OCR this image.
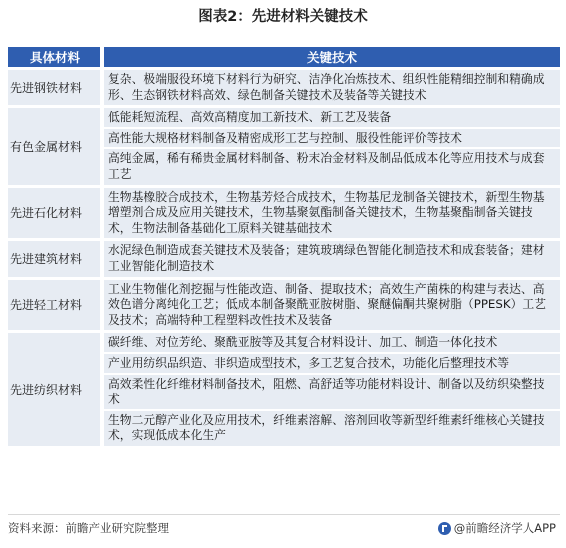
图表2：先进材料关键技术
具体材料	关键技术
先进钢铁材料
复杂、极端服役环境下材料行为研究、洁净化冶炼技术、组织性能精细控制和精确成形、生态钢铁材料高效、绿色制备关键技术及装备等关键技术
有色金属材料
低能耗短流程、高效高精度加工新技术、新工艺及装备
高性能大规格材料制备及精密成形工艺与控制、服役性能评价等技术
高纯金属，稀有稀贵金属材料制备、粉末冶金材料及制品低成本化等应用技术与成套工艺
先进石化材料
生物基橡胶合成技术，生物基芳烃合成技术，生物基尼龙制备关键技术，新型生物基增塑剂合成及应用关键技术，生物基聚氨酯制备关键技术，生物基聚酯制备关键技术，生物法制备基础化工原料关键基础技术
先进建筑材料
水泥绿色制造成套关键技术及装备；建筑玻璃绿色智能化制造技术和成套装备；建材工业智能化制造技术
先进轻工材料
工业生物催化剂挖掘与性能改造、制备、提取技术；高效生产菌株的构建与表达、高效色谱分离纯化工艺；低成本制备聚酰亚胺树脂、聚醚偏酮共聚树脂（PPESK）工艺及技术；高端特种工程塑料改性技术及装备
先进纺织材料
碳纤维、对位芳纶、聚酰亚胺等及其复合材料设计、加工、制造一体化技术
产业用纺织品织造、非织造成型技术，多工艺复合技术，功能化后整理技术等
高效柔性化纤维材料制备技术，阻燃、高舒适等功能材料设计、制备以及纺织染整技术
生物二元醇产业化及应用技术，纤维素溶解、溶剂回收等新型纤维素纤维核心关键技术，实现低成本化生产
资料来源：前瞻产业研究院整理	@前瞻经济学人APP
